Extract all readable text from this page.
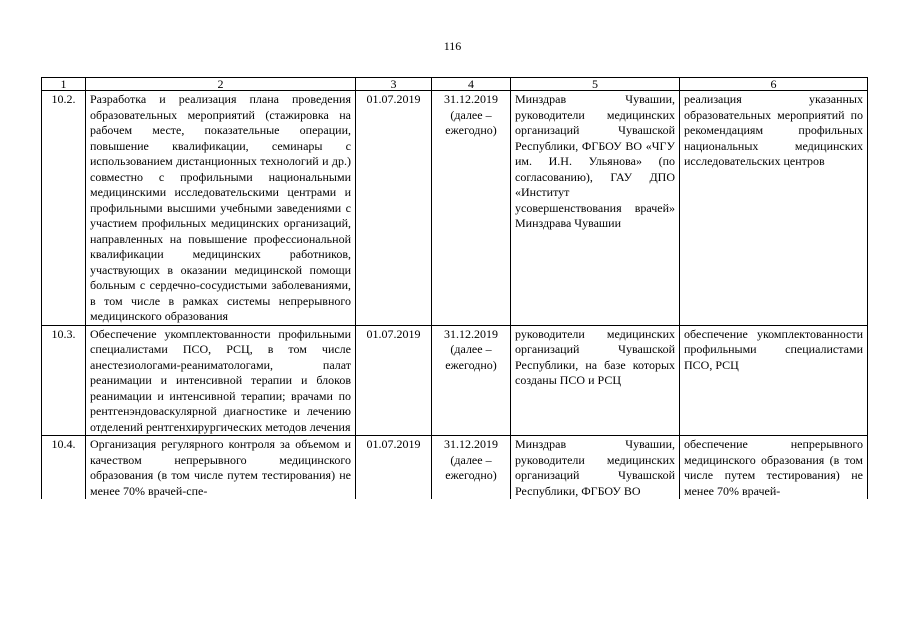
116
1	2	3	4	5	6
10.2.	Разработка и реализация плана проведения образовательных мероприятий (стажировка на рабочем месте, показательные операции, повышение квалификации, семинары с использованием дистанционных технологий и др.) совместно с профильными национальными медицинскими исследовательскими центрами и профильными высшими учебными заведениями с участием профильных медицинских организаций, направленных на повышение профессиональной квалификации медицинских работников, участвующих в оказании медицинской помощи больным с сердечно-сосудистыми заболеваниями, в том числе в рамках системы непрерывного медицинского образования	01.07.2019	31.12.2019 (далее – ежегодно)	Минздрав Чувашии, руководители медицинских организаций Чувашской Республики, ФГБОУ ВО «ЧГУ им. И.Н. Ульянова» (по согласованию), ГАУ ДПО «Институт усовершенствования врачей» Минздрава Чувашии	реализация указанных образовательных мероприятий по рекомендациям профильных национальных медицинских исследовательских центров
10.3.	Обеспечение укомплектованности профильными специалистами ПСО, РСЦ, в том числе анестезиологами-реаниматологами, палат реанимации и интенсивной терапии и блоков реанимации и интенсивной терапии; врачами по рентгенэндоваскулярной диагностике и лечению отделений рентгенхирургических методов лечения	01.07.2019	31.12.2019 (далее – ежегодно)	руководители медицинских организаций Чувашской Республики, на базе которых созданы ПСО и РСЦ	обеспечение укомплектованности профильными специалистами ПСО, РСЦ
10.4.	Организация регулярного контроля за объемом и качеством непрерывного медицинского образования (в том числе путем тестирования) не менее 70% врачей-спе-	01.07.2019	31.12.2019 (далее – ежегодно)	Минздрав Чувашии, руководители медицинских организаций Чувашской Республики, ФГБОУ ВО	обеспечение непрерывного медицинского образования (в том числе путем тестирования) не менее 70% врачей-
